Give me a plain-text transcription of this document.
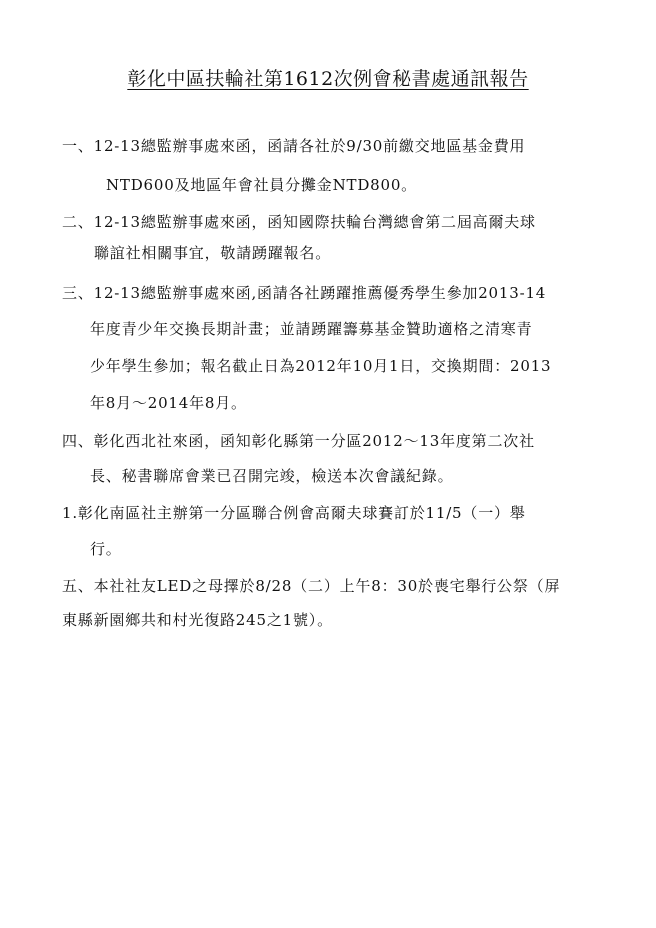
彰化中區扶輪社第1612次例會秘書處通訊報告
一、12-13總監辦事處來函，函請各社於9/30前繳交地區基金費用
NTD600及地區年會社員分攤金NTD800。
二、12-13總監辦事處來函，函知國際扶輪台灣總會第二屆高爾夫球
聯誼社相關事宜，敬請踴躍報名。
三、12-13總監辦事處來函,函請各社踴躍推薦優秀學生參加2013-14
年度青少年交換長期計畫；並請踴躍籌募基金贊助適格之清寒青
少年學生參加；報名截止日為2012年10月1日，交換期間：2013
年8月～2014年8月。
四、彰化西北社來函，函知彰化縣第一分區2012～13年度第二次社
長、秘書聯席會業已召開完竣，檢送本次會議紀錄。
1.彰化南區社主辦第一分區聯合例會高爾夫球賽訂於11/5（一）舉
行。
五、本社社友LED之母擇於8/28（二）上午8：30於喪宅舉行公祭（屏
東縣新園鄉共和村光復路245之1號）。
